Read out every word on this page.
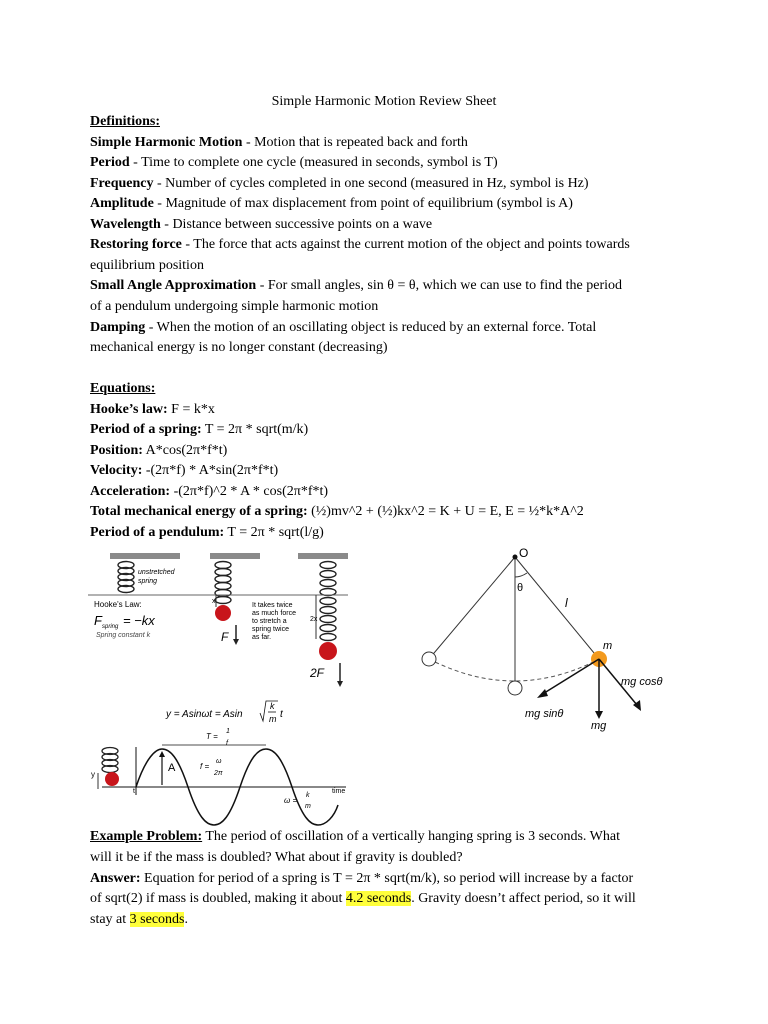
Simple Harmonic Motion Review Sheet
Definitions:
Simple Harmonic Motion - Motion that is repeated back and forth
Period - Time to complete one cycle (measured in seconds, symbol is T)
Frequency - Number of cycles completed in one second (measured in Hz, symbol is Hz)
Amplitude - Magnitude of max displacement from point of equilibrium (symbol is A)
Wavelength - Distance between successive points on a wave
Restoring force - The force that acts against the current motion of the object and points towards
equilibrium position
Small Angle Approximation - For small angles, sin θ = θ, which we can use to find the period
of a pendulum undergoing simple harmonic motion
Damping - When the motion of an oscillating object is reduced by an external force. Total
mechanical energy is no longer constant (decreasing)
Equations:
Hooke’s law: F = k*x
Period of a spring: T = 2π * sqrt(m/k)
Position: A*cos(2π*f*t)
Velocity: -(2π*f) * A*sin(2π*f*t)
Acceleration: -(2π*f)^2 * A * cos(2π*f*t)
Total mechanical energy of a spring: (½)mv^2 + (½)kx^2 = K + U = E, E = ½*k*A^2
Period of a pendulum: T = 2π * sqrt(l/g)
unstretched
spring
Hooke's Law:
F spring = −kx
Spring constant k
x
F
2x
2F
It takes twice
as much force
to stretch a
spring twice
as far.
O
θ
l
m
mg cosθ
mg sinθ
mg
y = Asinωt = Asin
k
m t
y
t	time
A
T =
1
f
f =
ω
2π
ω =
k
m
Example Problem: The period of oscillation of a vertically hanging spring is 3 seconds. What
will it be if the mass is doubled? What about if gravity is doubled?
Answer: Equation for period of a spring is T = 2π * sqrt(m/k), so period will increase by a factor
of sqrt(2) if mass is doubled, making it about 4.2 seconds. Gravity doesn’t affect period, so it will
stay at 3 seconds.
